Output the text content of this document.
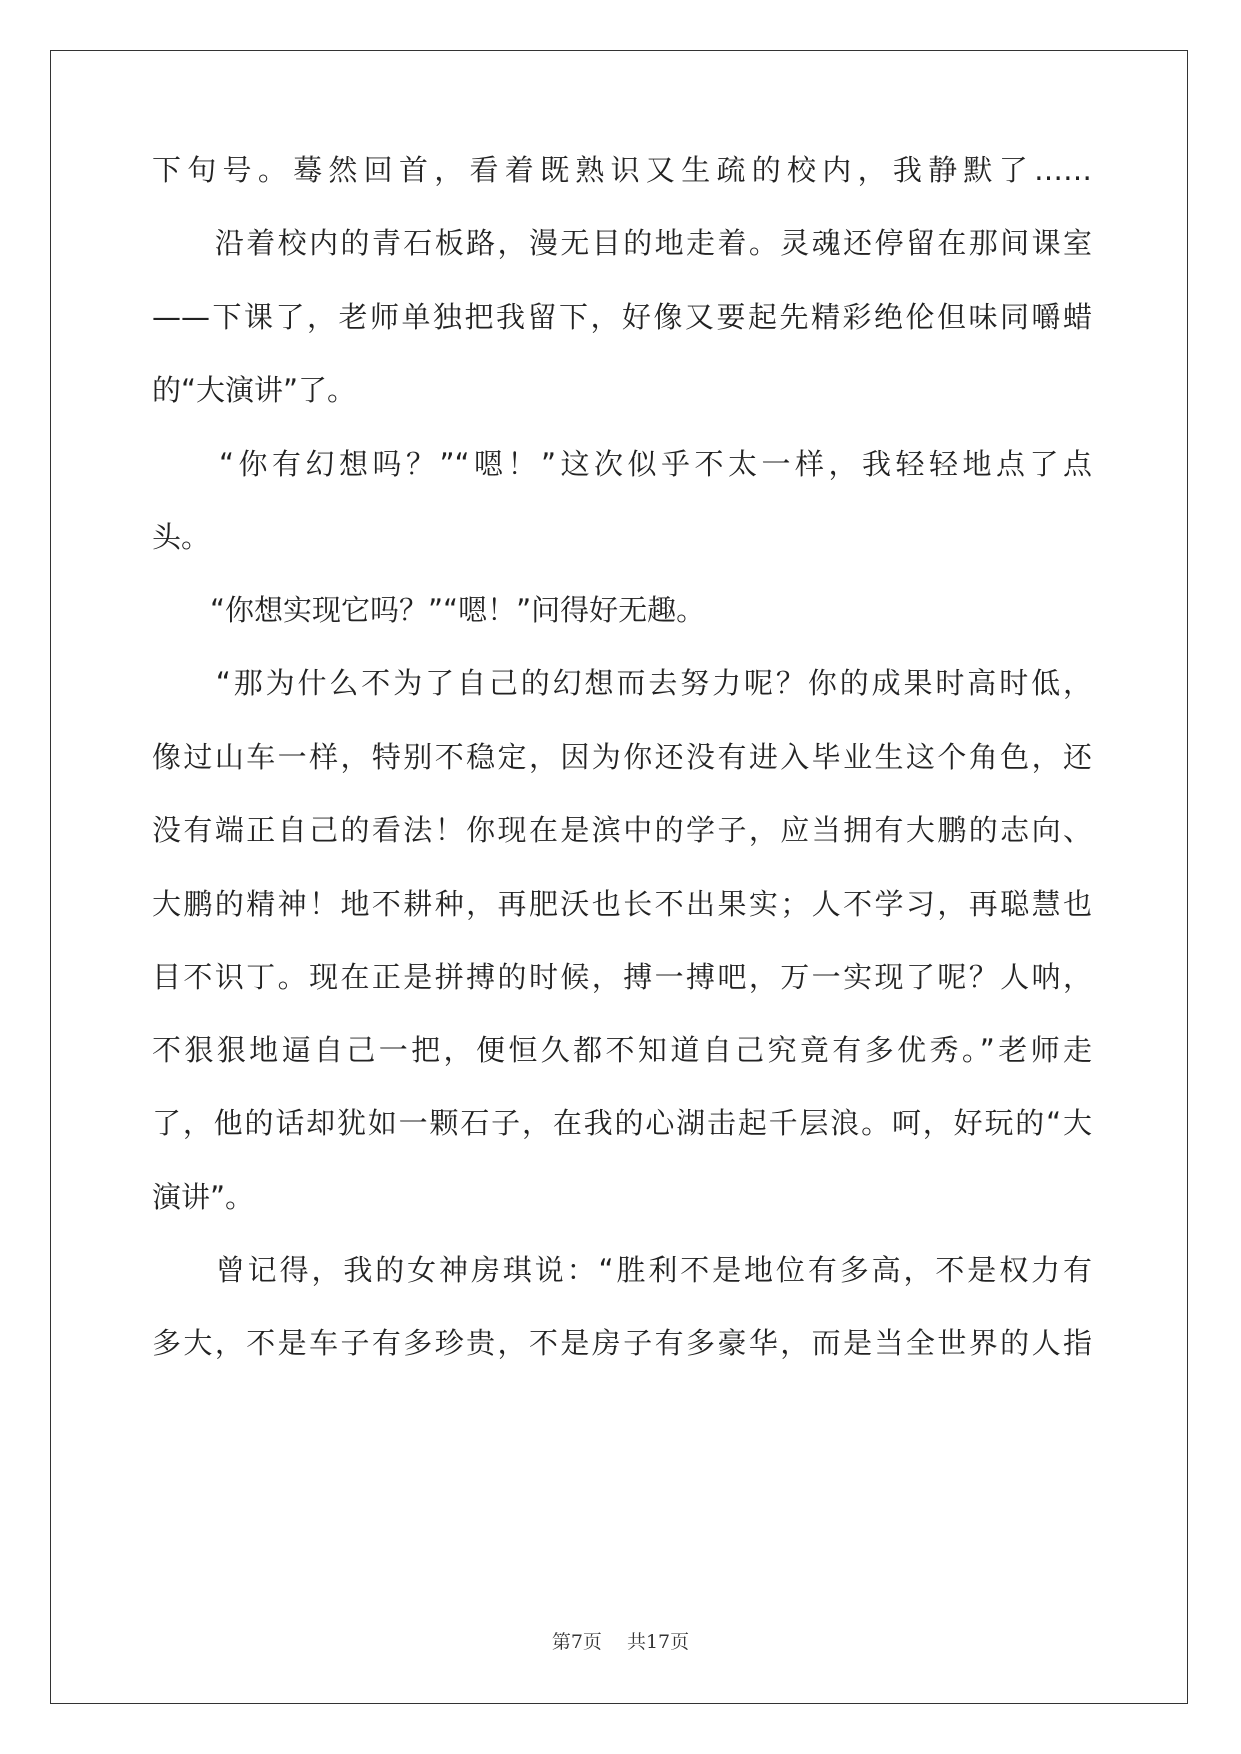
下句号。蓦然回首，看着既熟识又生疏的校内，我静默了……
　　沿着校内的青石板路，漫无目的地走着。灵魂还停留在那间课室
——下课了，老师单独把我留下，好像又要起先精彩绝伦但味同嚼蜡
的“大演讲”了。
　　“你有幻想吗？”“嗯！”这次似乎不太一样，我轻轻地点了点
头。
　　“你想实现它吗？”“嗯！”问得好无趣。
　　“那为什么不为了自己的幻想而去努力呢？你的成果时高时低，
像过山车一样，特别不稳定，因为你还没有进入毕业生这个角色，还
没有端正自己的看法！你现在是滨中的学子，应当拥有大鹏的志向、
大鹏的精神！地不耕种，再肥沃也长不出果实；人不学习，再聪慧也
目不识丁。现在正是拼搏的时候，搏一搏吧，万一实现了呢？人呐，
不狠狠地逼自己一把，便恒久都不知道自己究竟有多优秀。”老师走
了，他的话却犹如一颗石子，在我的心湖击起千层浪。呵，好玩的“大
演讲”。
　　曾记得，我的女神房琪说：“胜利不是地位有多高，不是权力有
多大，不是车子有多珍贵，不是房子有多豪华，而是当全世界的人指
第7页　 共17页
